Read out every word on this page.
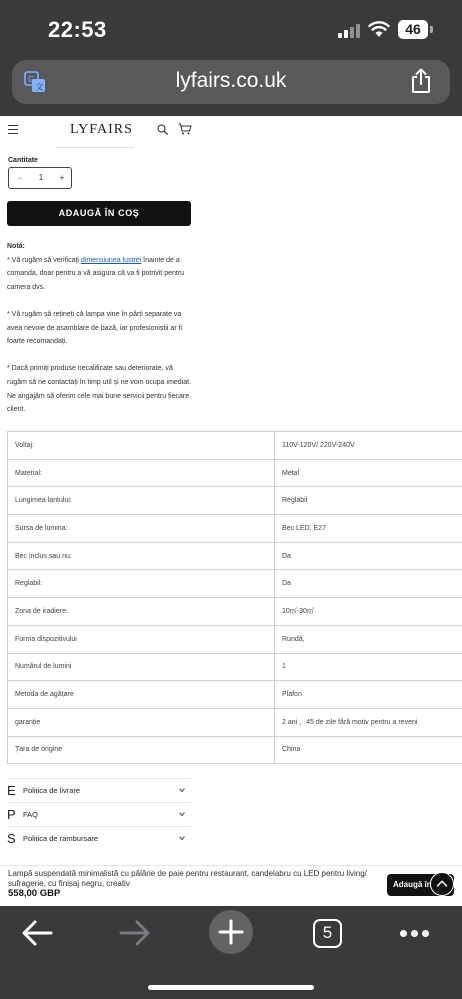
22:53	46
G
文	lyfairs.co.uk
LYFAIRS
Cantitate
−	1	+
ADAUGĂ ÎN COŞ

Notă:

* Vă rugăm să verificați dimensiunea lustrei înainte de a comanda, doar pentru a vă asigura că va fi potrivit pentru camera dvs.

* Vă rugăm să rețineți că lampa vine în părți separate va avea nevoie de asamblare de bază, iar profesioniștii ar fi foarte recomandați.

* Dacă primiți produse necalificate sau deteriorate, vă rugăm să ne contactați în timp util și ne vom ocupa imediat. Ne angajăm să oferim cele mai bune servicii pentru fiecare client.

Voltaj:	110V-120V/ 220V-240V
Material:	Metal
Lungimea lanțului:	Reglabil
Sursa de lumina:	Bec LED, E27
Bec inclus sau nu:	Da
Reglabil:	Da
Zona de iradiere:	10㎡-30㎡
Forma dispozitivului	Rundă,
Numărul de lumini	1
Metoda de agățare	Plafon
garanție	2 ani ，45 de zile fără motiv pentru a reveni
Țara de origine	China
E Politica de livrare
P FAQ
S Politica de rambursare
Lampă suspendată minimalistă cu pălărie de paie pentru restaurant, candelabru cu LED pentru living/ sufragerie, cu finisaj negru, creativ
558,00 GBP
Adaugă în
5
